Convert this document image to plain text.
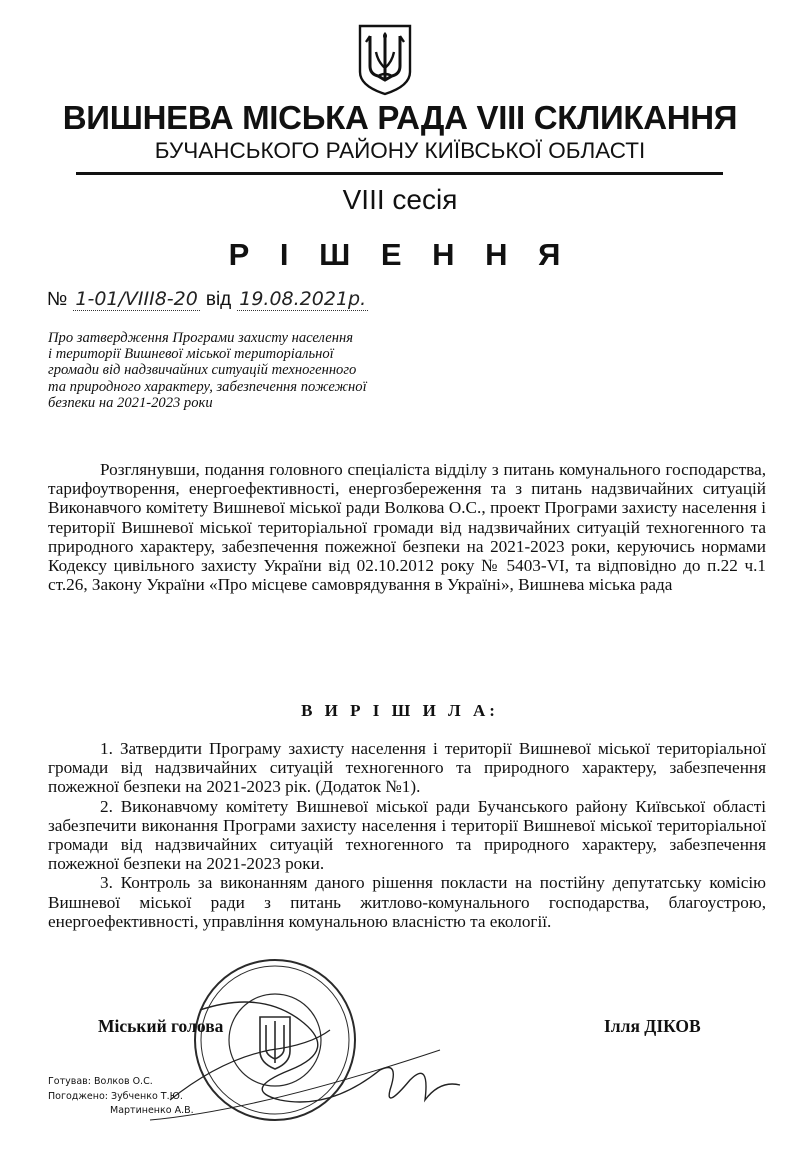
ВИШНЕВА МІСЬКА РАДА VIII СКЛИКАННЯ
БУЧАНСЬКОГО РАЙОНУ КИЇВСЬКОЇ ОБЛАСТІ
VIII сесія
Р І Ш Е Н Н Я
№ 1-01/VIII8-20 від 19.08.2021р.
Про затвердження Програми захисту населення
і території Вишневої міської територіальної
громади від надзвичайних ситуацій техногенного
та природного характеру, забезпечення пожежної
безпеки на 2021-2023 роки
Розглянувши, подання головного спеціаліста відділу з питань комунального господарства, тарифоутворення, енергоефективності, енергозбереження та з питань надзвичайних ситуацій Виконавчого комітету Вишневої міської ради Волкова О.С., проект Програми захисту населення і території Вишневої міської територіальної громади від надзвичайних ситуацій техногенного та природного характеру, забезпечення пожежної безпеки на 2021-2023 роки, керуючись нормами Кодексу цивільного захисту України від 02.10.2012 року № 5403-VI, та відповідно до п.22 ч.1 ст.26, Закону України «Про місцеве самоврядування в Україні», Вишнева міська рада
В И Р І Ш И Л А:

1. Затвердити Програму захисту населення і території Вишневої міської територіальної громади від надзвичайних ситуацій техногенного та природного характеру, забезпечення пожежної безпеки на 2021-2023 рік. (Додаток №1).

2. Виконавчому комітету Вишневої міської ради Бучанського району Київської області забезпечити виконання Програми захисту населення і території Вишневої міської територіальної громади від надзвичайних ситуацій техногенного та природного характеру, забезпечення пожежної безпеки на 2021-2023 роки.

3. Контроль за виконанням даного рішення покласти на постійну депутатську комісію Вишневої міської ради з питань житлово-комунального господарства, благоустрою, енергоефективності, управління комунальною власністю та екології.

Міський голова	Ілля ДІКОВ
Готував: Волков О.С.
Погоджено: Зубченко Т.Ю.
Мартиненко А.В.
